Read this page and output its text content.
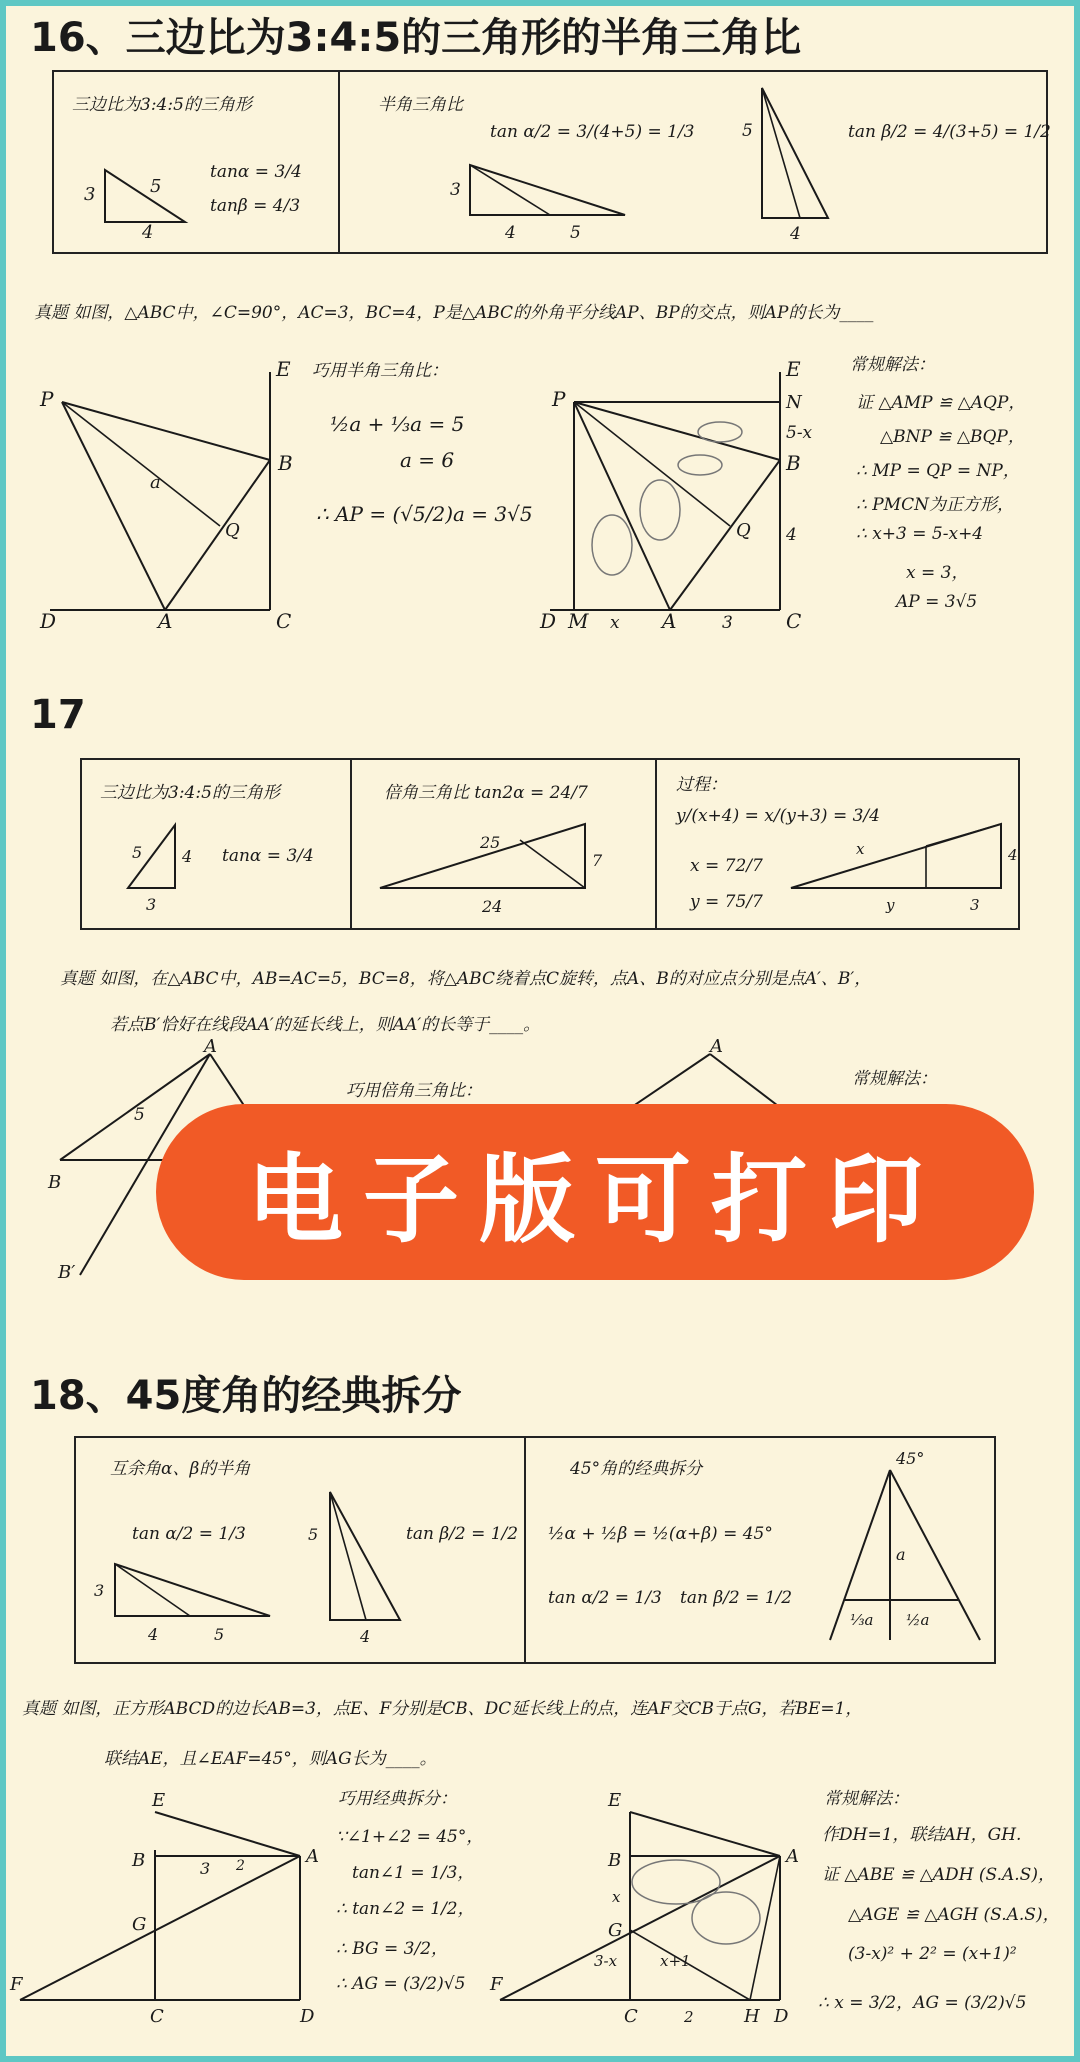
16、三边比为3:4:5的三角形的半角三角比
三边比为3:4:5的三角形
3
4
5
tanα = 3/4
tanβ = 4/3
半角三角比
tan α/2 = 3/(4+5) = 1/3
3
4	5
5
4
tan β/2 = 4/(3+5) = 1/2
真题 如图，△ABC中，∠C=90°，AC=3，BC=4，P是△ABC的外角平分线AP、BP的交点，则AP的长为____
P
E
B
Q
D	A	C
a
巧用半角三角比：
½a + ⅓a = 5
a = 6
∴ AP = (√5/2)a = 3√5
P
E
N
B
Q
D M	A	C
5-x
4
x	3
常规解法：
证 △AMP ≌ △AQP，
△BNP ≌ △BQP，
∴ MP = QP = NP，
∴ PMCN为正方形，
∴ x+3 = 5-x+4
x = 3，
AP = 3√5
17
三边比为3:4:5的三角形
5 4
3
tanα = 3/4
倍角三角比 tan2α = 24/7
25
7
24
过程：
y/(x+4) = x/(y+3) = 3/4
x = 72/7
y = 75/7
x
y
4
3
真题 如图，在△ABC中，AB=AC=5，BC=8，将△ABC绕着点C旋转，点A、B的对应点分别是点A′、B′，
若点B′恰好在线段AA′的延长线上，则AA′的长等于____。
B
A
5
B′
巧用倍角三角比：
A
常规解法：
电子版可打印
18、45度角的经典拆分
互余角α、β的半角
tan α/2 = 1/3
3
4	5
5
4
tan β/2 = 1/2
45°角的经典拆分
½α + ½β = ½(α+β) = 45°
tan α/2 = 1/3 tan β/2 = 1/2
45°
a
⅓a ½a
真题 如图，正方形ABCD的边长AB=3，点E、F分别是CB、DC延长线上的点，连AF交CB于点G，若BE=1，
联结AE，且∠EAF=45°，则AG长为____。
E
B
G
A
F
C	D
3 2
巧用经典拆分：
∵∠1+∠2 = 45°，
tan∠1 = 1/3，
∴ tan∠2 = 1/2，
∴ BG = 3/2，
∴ AG = (3/2)√5
E
B
G
A
F
C	H D
x
3-x	x+1
2
常规解法：
作DH=1，联结AH，GH.
证 △ABE ≌ △ADH (S.A.S)，
△AGE ≌ △AGH (S.A.S)，
(3-x)² + 2² = (x+1)²
∴ x = 3/2，AG = (3/2)√5
